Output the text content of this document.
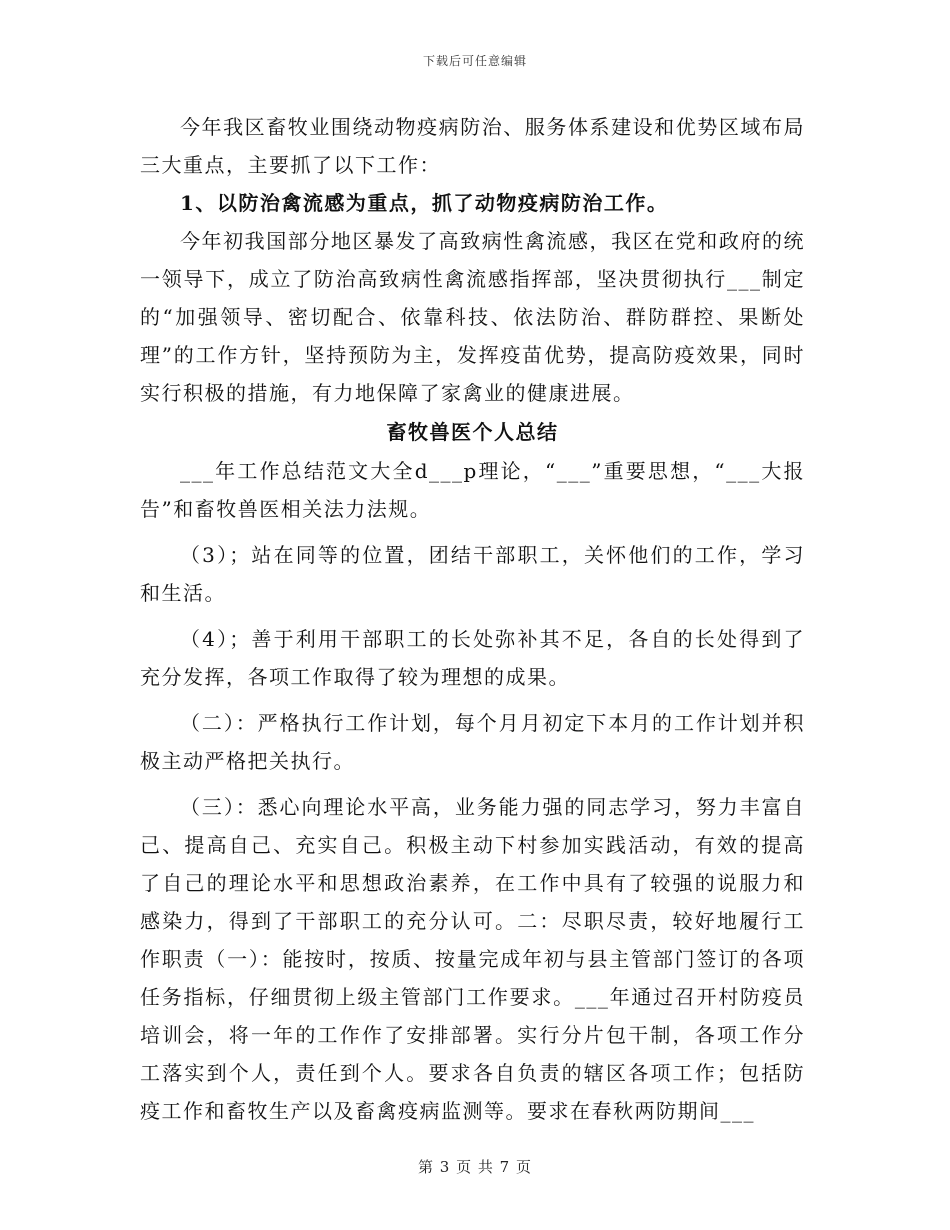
下载后可任意编辑

今年我区畜牧业围绕动物疫病防治、服务体系建设和优势区域布局三大重点，主要抓了以下工作：

1、以防治禽流感为重点，抓了动物疫病防治工作。

今年初我国部分地区暴发了高致病性禽流感，我区在党和政府的统一领导下，成立了防治高致病性禽流感指挥部，坚决贯彻执行___制定的“加强领导、密切配合、依靠科技、依法防治、群防群控、果断处理”的工作方针，坚持预防为主，发挥疫苗优势，提高防疫效果，同时实行积极的措施，有力地保障了家禽业的健康进展。

畜牧兽医个人总结

___年工作总结范文大全d___p理论，“___”重要思想，“___大报告”和畜牧兽医相关法力法规。

（3）；站在同等的位置，团结干部职工，关怀他们的工作，学习和生活。

（4）；善于利用干部职工的长处弥补其不足，各自的长处得到了充分发挥，各项工作取得了较为理想的成果。

（二）：严格执行工作计划，每个月月初定下本月的工作计划并积极主动严格把关执行。

（三）：悉心向理论水平高，业务能力强的同志学习，努力丰富自己、提高自己、充实自己。积极主动下村参加实践活动，有效的提高了自己的理论水平和思想政治素养，在工作中具有了较强的说服力和感染力，得到了干部职工的充分认可。二：尽职尽责，较好地履行工作职责（一）：能按时，按质、按量完成年初与县主管部门签订的各项任务指标，仔细贯彻上级主管部门工作要求。___年通过召开村防疫员培训会，将一年的工作作了安排部署。实行分片包干制，各项工作分工落实到个人，责任到个人。要求各自负责的辖区各项工作；包括防疫工作和畜牧生产以及畜禽疫病监测等。要求在春秋两防期间___

第 3 页 共 7 页
